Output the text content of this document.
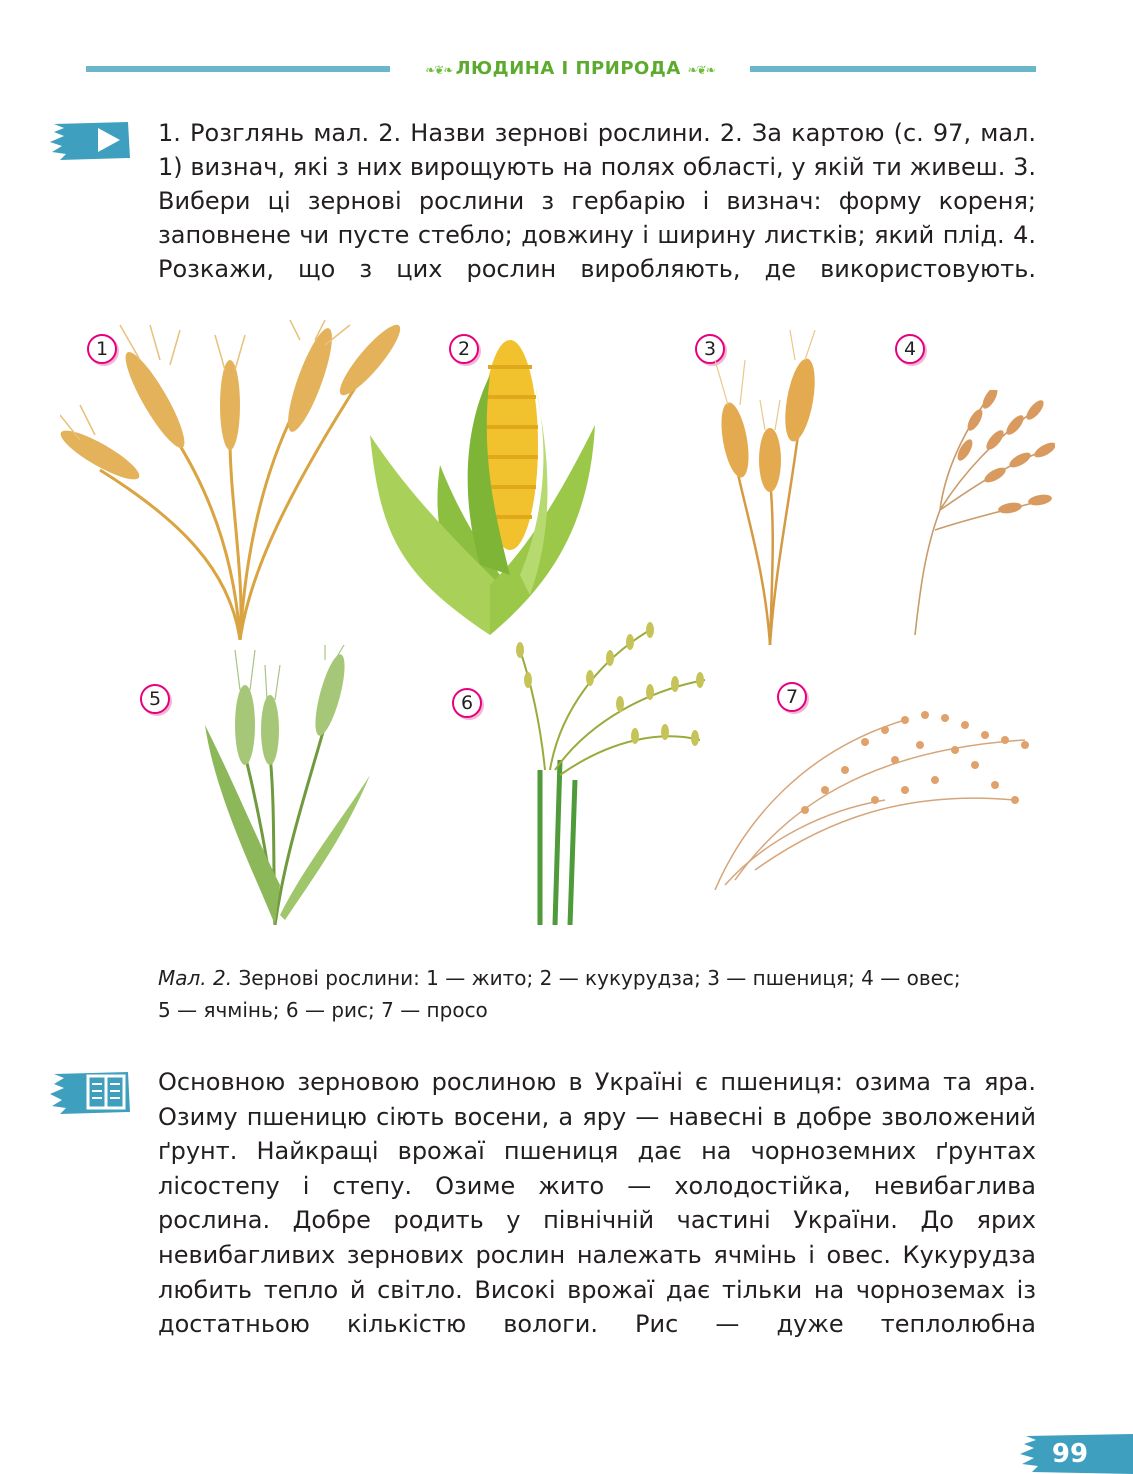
❧❦❧ ЛЮДИНА І ПРИРОДА ❧❦❧

1. Розглянь мал. 2. Назви зернові рослини. 2. За картою (с. 97, мал. 1) визнач, які з них вирощують на полях області, у якій ти живеш. 3. Вибери ці зернові рослини з гербарію і визнач: форму кореня; заповнене чи пусте стебло; довжину і ширину листків; який плід. 4. Розкажи, що з цих рослин виробляють, де використовують.

1	2	3	4
5	6	7

Мал. 2. Зернові рослини: 1 — жито; 2 — кукурудза; 3 — пшениця; 4 — овес;
5 — ячмінь; 6 — рис; 7 — просо

Основною зерновою рослиною в Україні є пшениця: озима та яра. Озиму пшеницю сіють восени, а яру — навесні в добре зволожений ґрунт. Найкращі врожаї пшениця дає на чорноземних ґрунтах лісостепу і степу. Озиме жито — холодостійка, невибаглива рослина. Добре родить у північній частині України. До ярих невибагливих зернових рослин належать ячмінь і овес. Кукурудза любить тепло й світло. Високі врожаї дає тільки на чорноземах із достатньою кількістю вологи. Рис — дуже теплолюбна

99
